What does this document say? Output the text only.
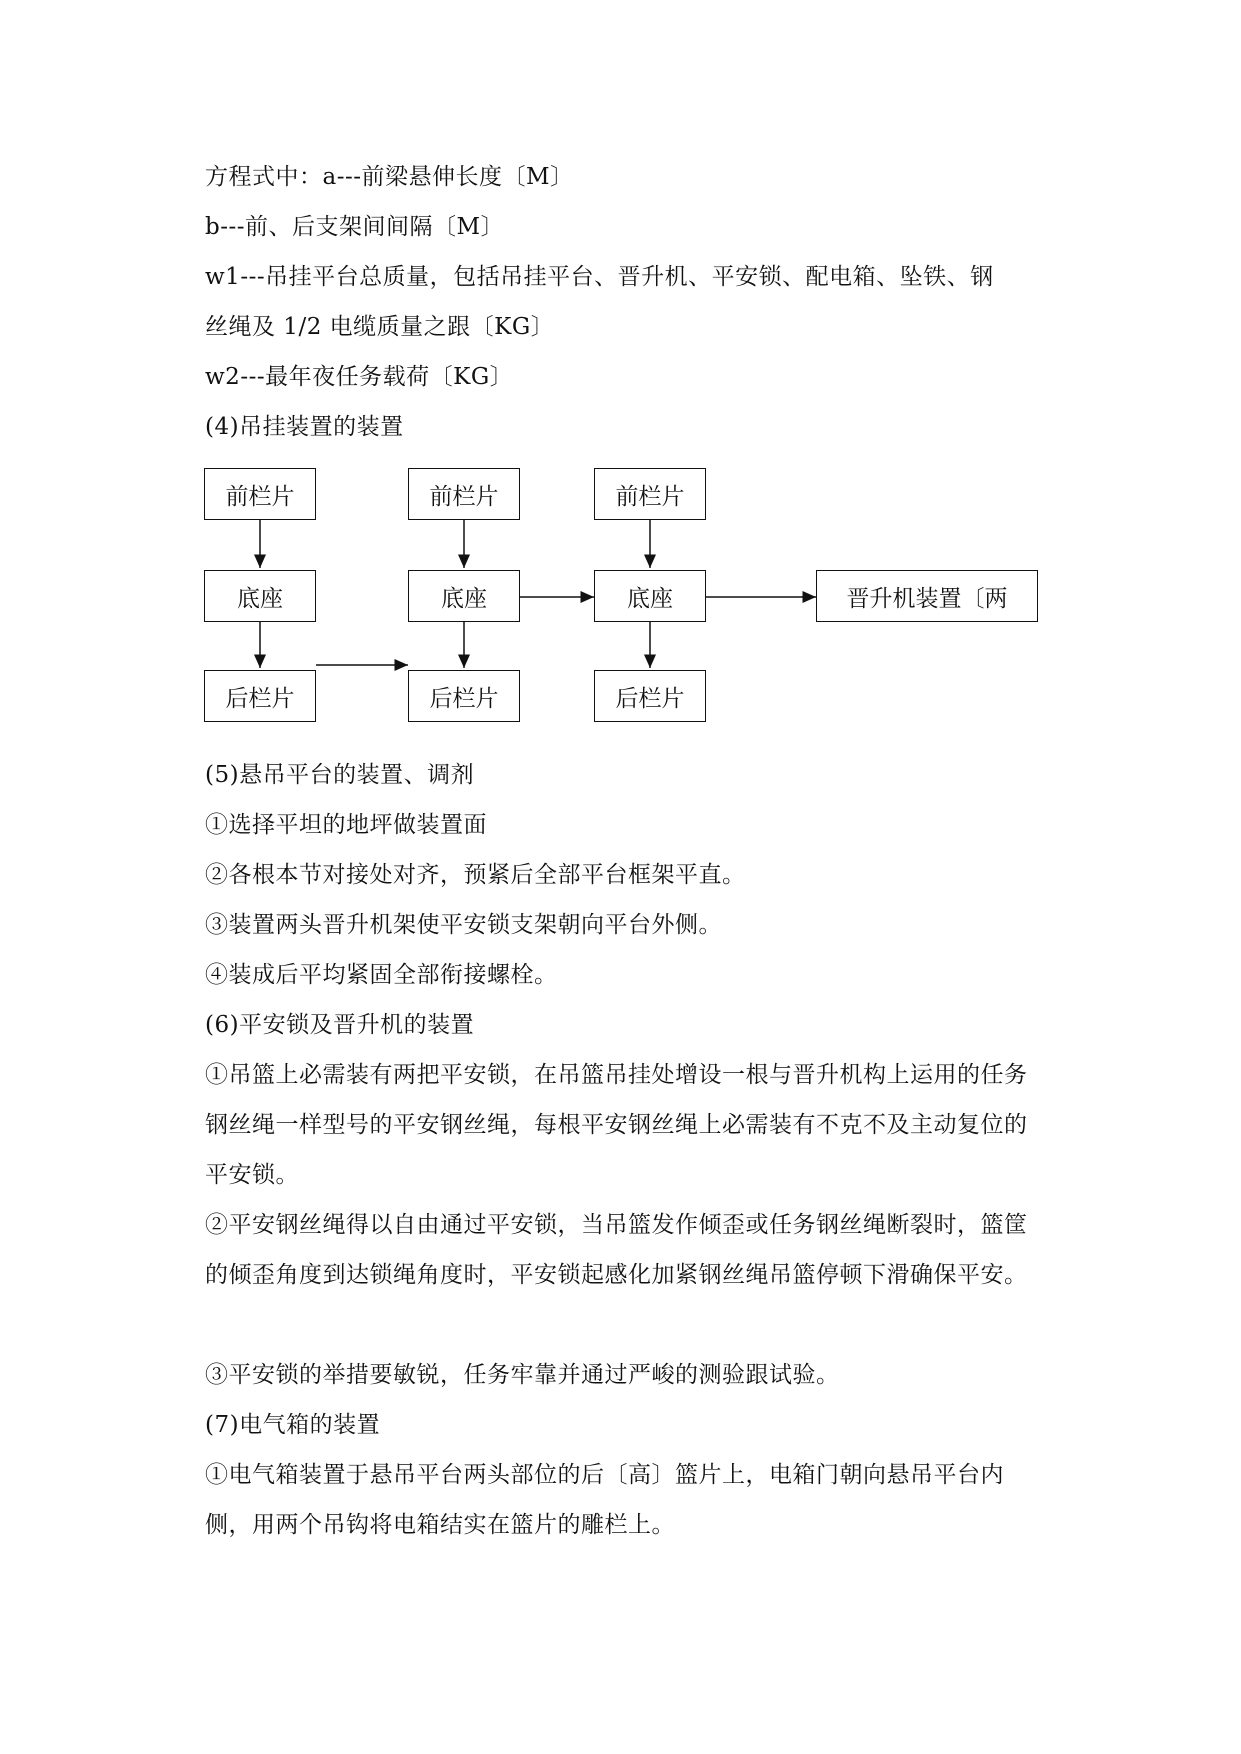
方程式中：a---前梁悬伸长度〔M〕
b---前、后支架间间隔〔M〕
w1---吊挂平台总质量，包括吊挂平台、晋升机、平安锁、配电箱、坠铁、钢
丝绳及 1/2 电缆质量之跟〔KG〕
w2---最年夜任务载荷〔KG〕
(4)吊挂装置的装置
前栏片
底座
后栏片
前栏片
底座
后栏片
前栏片
底座
后栏片
晋升机装置〔两
(5)悬吊平台的装置、调剂
①选择平坦的地坪做装置面
②各根本节对接处对齐，预紧后全部平台框架平直。
③装置两头晋升机架使平安锁支架朝向平台外侧。
④装成后平均紧固全部衔接螺栓。
(6)平安锁及晋升机的装置
①吊篮上必需装有两把平安锁，在吊篮吊挂处增设一根与晋升机构上运用的任务钢丝绳一样型号的平安钢丝绳，每根平安钢丝绳上必需装有不克不及主动复位的平安锁。
②平安钢丝绳得以自由通过平安锁，当吊篮发作倾歪或任务钢丝绳断裂时，篮筐的倾歪角度到达锁绳角度时，平安锁起感化加紧钢丝绳吊篮停顿下滑确保平安。
③平安锁的举措要敏锐，任务牢靠并通过严峻的测验跟试验。
(7)电气箱的装置
①电气箱装置于悬吊平台两头部位的后〔高〕篮片上，电箱门朝向悬吊平台内侧，用两个吊钩将电箱结实在篮片的雕栏上。
